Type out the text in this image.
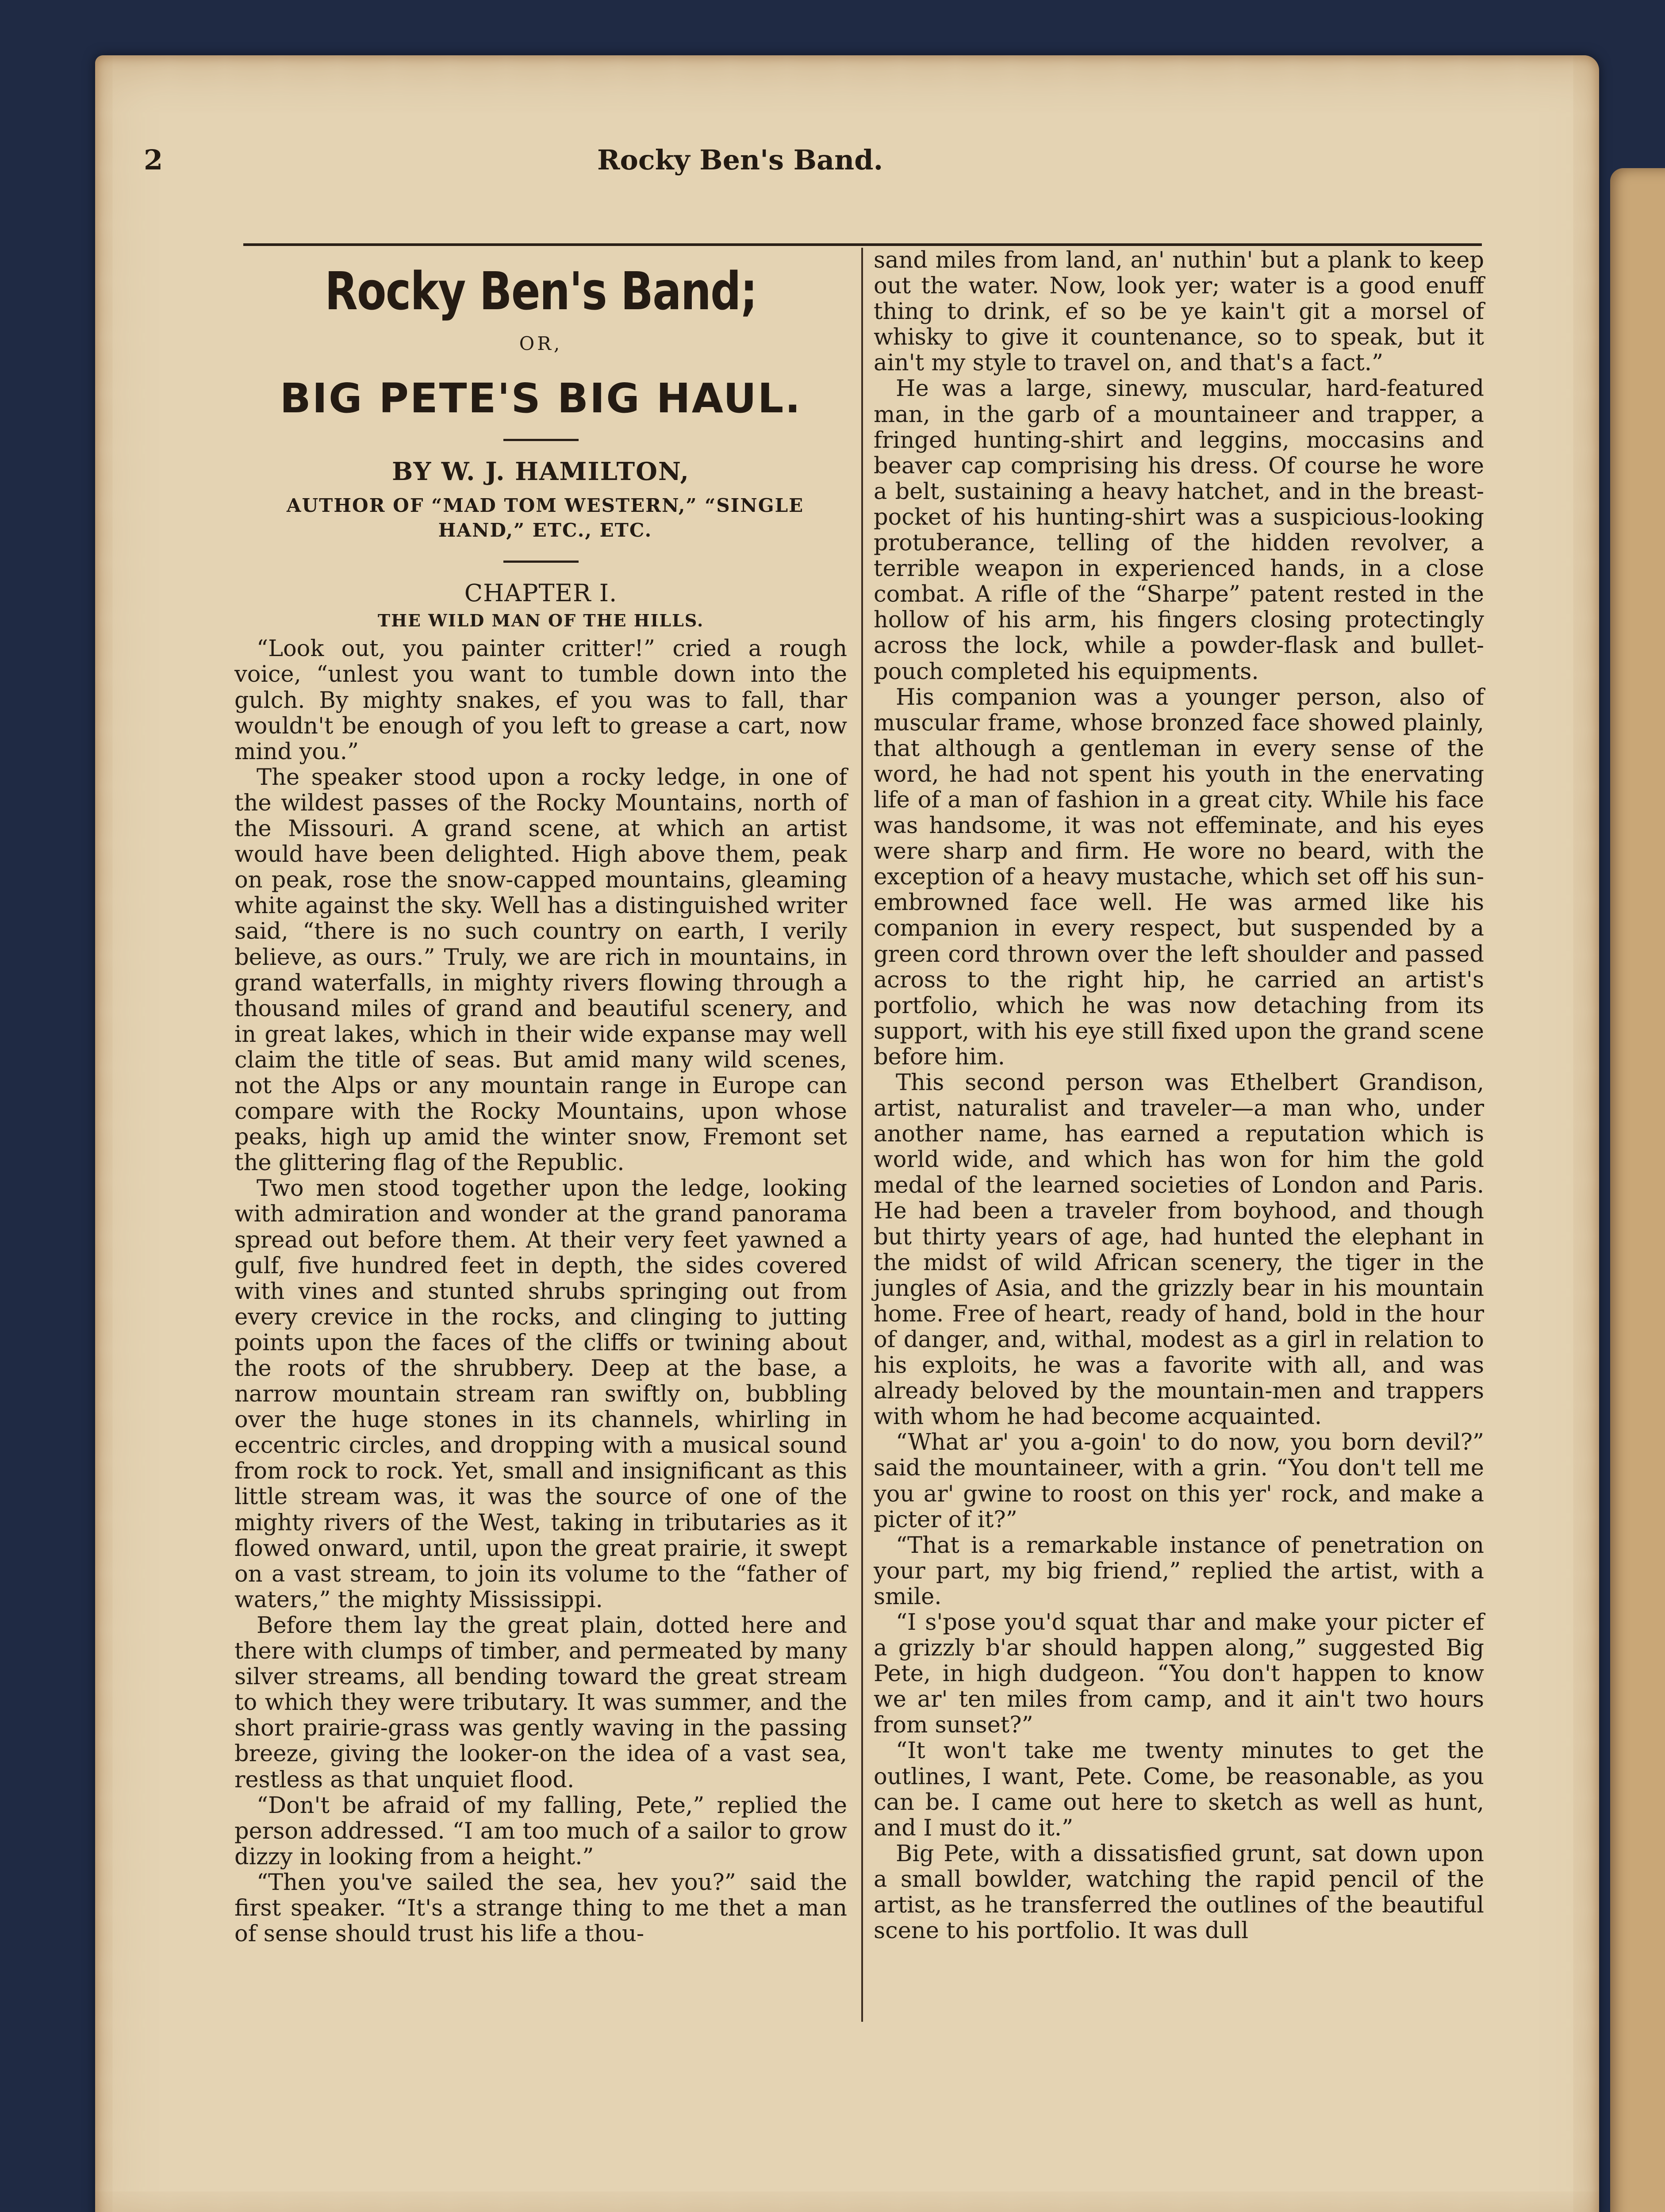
2	Rocky Ben's Band.
Rocky Ben's Band;
OR,
BIG PETE'S BIG HAUL.
BY W. J. HAMILTON,
AUTHOR OF “MAD TOM WESTERN,” “SINGLE HAND,” ETC., ETC.
CHAPTER I.
THE WILD MAN OF THE HILLS.

“Look out, you painter critter!” cried a rough voice, “unlest you want to tumble down into the gulch. By mighty snakes, ef you was to fall, thar wouldn't be enough of you left to grease a cart, now mind you.”

The speaker stood upon a rocky ledge, in one of the wildest passes of the Rocky Mountains, north of the Missouri. A grand scene, at which an artist would have been delighted. High above them, peak on peak, rose the snow-capped mountains, gleaming white against the sky. Well has a distinguished writer said, “there is no such country on earth, I verily believe, as ours.” Truly, we are rich in mountains, in grand waterfalls, in mighty rivers flowing through a thousand miles of grand and beautiful scenery, and in great lakes, which in their wide expanse may well claim the title of seas. But amid many wild scenes, not the Alps or any mountain range in Europe can compare with the Rocky Mountains, upon whose peaks, high up amid the winter snow, Fremont set the glittering flag of the Republic.

Two men stood together upon the ledge, looking with admiration and wonder at the grand panorama spread out before them. At their very feet yawned a gulf, five hundred feet in depth, the sides covered with vines and stunted shrubs springing out from every crevice in the rocks, and clinging to jutting points upon the faces of the cliffs or twining about the roots of the shrubbery. Deep at the base, a narrow mountain stream ran swiftly on, bubbling over the huge stones in its channels, whirling in eccentric circles, and dropping with a musical sound from rock to rock. Yet, small and insignificant as this little stream was, it was the source of one of the mighty rivers of the West, taking in tributaries as it flowed onward, until, upon the great prairie, it swept on a vast stream, to join its volume to the “father of waters,” the mighty Mississippi.

Before them lay the great plain, dotted here and there with clumps of timber, and permeated by many silver streams, all bending toward the great stream to which they were tributary. It was summer, and the short prairie-grass was gently waving in the passing breeze, giving the looker-on the idea of a vast sea, restless as that unquiet flood.

“Don't be afraid of my falling, Pete,” replied the person addressed. “I am too much of a sailor to grow dizzy in looking from a height.”

“Then you've sailed the sea, hev you?” said the first speaker. “It's a strange thing to me thet a man of sense should trust his life a thou-

sand miles from land, an' nuthin' but a plank to keep out the water. Now, look yer; water is a good enuff thing to drink, ef so be ye kain't git a morsel of whisky to give it countenance, so to speak, but it ain't my style to travel on, and that's a fact.”

He was a large, sinewy, muscular, hard-featured man, in the garb of a mountaineer and trapper, a fringed hunting-shirt and leggins, moccasins and beaver cap comprising his dress. Of course he wore a belt, sustaining a heavy hatchet, and in the breast-pocket of his hunting-shirt was a suspicious-looking protuberance, telling of the hidden revolver, a terrible weapon in experienced hands, in a close combat. A rifle of the “Sharpe” patent rested in the hollow of his arm, his fingers closing protectingly across the lock, while a powder-flask and bullet-pouch completed his equipments.

His companion was a younger person, also of muscular frame, whose bronzed face showed plainly, that although a gentleman in every sense of the word, he had not spent his youth in the enervating life of a man of fashion in a great city. While his face was handsome, it was not effeminate, and his eyes were sharp and firm. He wore no beard, with the exception of a heavy mustache, which set off his sun-embrowned face well. He was armed like his companion in every respect, but suspended by a green cord thrown over the left shoulder and passed across to the right hip, he carried an artist's portfolio, which he was now detaching from its support, with his eye still fixed upon the grand scene before him.

This second person was Ethelbert Grandison, artist, naturalist and traveler—a man who, under another name, has earned a reputation which is world wide, and which has won for him the gold medal of the learned societies of London and Paris. He had been a traveler from boyhood, and though but thirty years of age, had hunted the elephant in the midst of wild African scenery, the tiger in the jungles of Asia, and the grizzly bear in his mountain home. Free of heart, ready of hand, bold in the hour of danger, and, withal, modest as a girl in relation to his exploits, he was a favorite with all, and was already beloved by the mountain-men and trappers with whom he had become acquainted.

“What ar' you a-goin' to do now, you born devil?” said the mountaineer, with a grin. “You don't tell me you ar' gwine to roost on this yer' rock, and make a picter of it?”

“That is a remarkable instance of penetration on your part, my big friend,” replied the artist, with a smile.

“I s'pose you'd squat thar and make your picter ef a grizzly b'ar should happen along,” suggested Big Pete, in high dudgeon. “You don't happen to know we ar' ten miles from camp, and it ain't two hours from sunset?”

“It won't take me twenty minutes to get the outlines, I want, Pete. Come, be reasonable, as you can be. I came out here to sketch as well as hunt, and I must do it.”

Big Pete, with a dissatisfied grunt, sat down upon a small bowlder, watching the rapid pencil of the artist, as he transferred the outlines of the beautiful scene to his portfolio. It was dull
